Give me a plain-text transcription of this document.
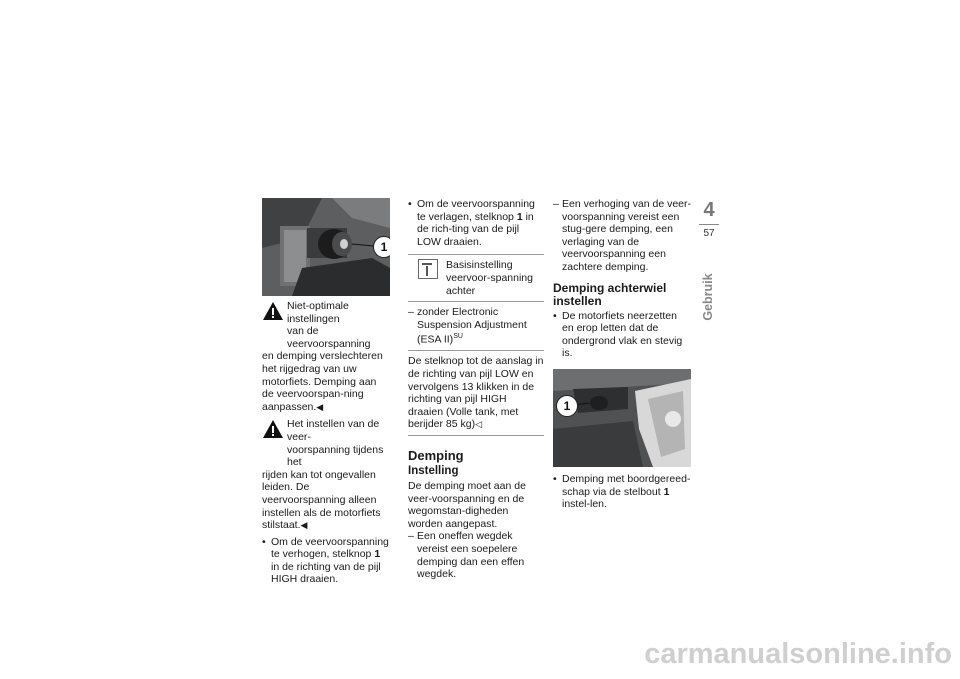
1

Niet-optimale instellingen

van de veervoorspanning

en demping verslechteren het rijgedrag van uw motorfiets. Demping aan de veervoorspan-ning aanpassen.◀

Het instellen van de veer-

voorspanning tijdens het

rijden kan tot ongevallen leiden. De veervoorspanning alleen instellen als de motorfiets stilstaat.◀

• Om de veervoorspanning te verhogen, stelknop 1 in de richting van de pijl HIGH draaien.
• Om de veervoorspanning te verlagen, stelknop 1 in de rich-ting van de pijl LOW draaien.
Basisinstelling veervoor-spanning achter
– zonder Electronic Suspension Adjustment (ESA II)$^{SU}$
De stelknop tot de aanslag in de richting van pijl LOW en vervolgens 13 klikken in de richting van pijl HIGH draaien (Volle tank, met berijder 85 kg)◁
Demping
Instelling

De demping moet aan de veer-voorspanning en de wegomstan-digheden worden aangepast.

– Een oneffen wegdek vereist een soepelere demping dan een effen wegdek.
– Een verhoging van de veer-voorspanning vereist een stug-gere demping, een verlaging van de veervoorspanning een zachtere demping.
Demping achterwiel instellen
• De motorfiets neerzetten en erop letten dat de ondergrond vlak en stevig is.
1
• Demping met boordgereed-schap via de stelbout 1 instel-len.
4
57
Gebruik
carmanualsonline.info
